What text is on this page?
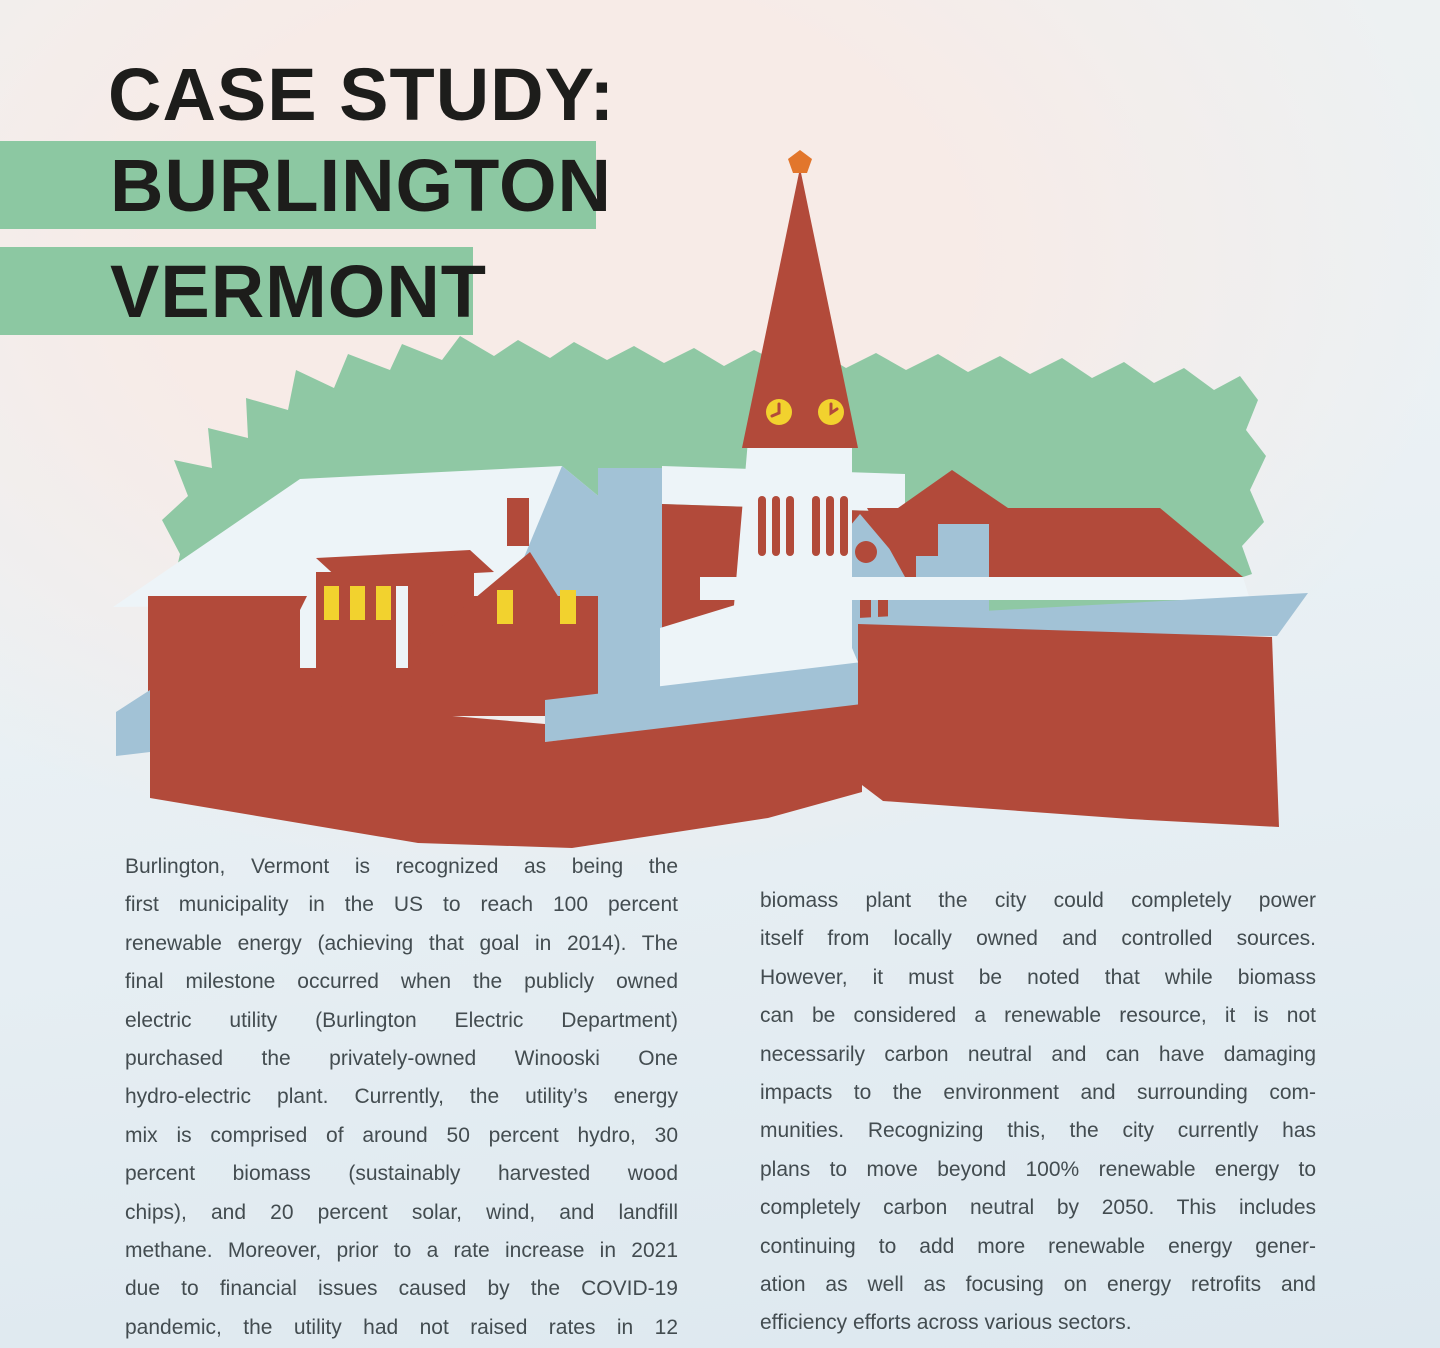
CASE STUDY:
BURLINGTON
VERMONT
Burlington, Vermont is recognized as being the
first municipality in the US to reach 100 percent
renewable energy (achieving that goal in 2014). The
final milestone occurred when the publicly owned
electric utility (Burlington Electric Department)
purchased the privately-owned Winooski One
hydro-electric plant. Currently, the utility’s energy
mix is comprised of around 50 percent hydro, 30
percent biomass (sustainably harvested wood
chips), and 20 percent solar, wind, and landfill
methane. Moreover, prior to a rate increase in 2021
due to financial issues caused by the COVID-19
pandemic, the utility had not raised rates in 12
biomass plant the city could completely power
itself from locally owned and controlled sources.
However, it must be noted that while biomass
can be considered a renewable resource, it is not
necessarily carbon neutral and can have damaging
impacts to the environment and surrounding com-
munities. Recognizing this, the city currently has
plans to move beyond 100% renewable energy to
completely carbon neutral by 2050. This includes
continuing to add more renewable energy gener-
ation as well as focusing on energy retrofits and
efficiency efforts across various sectors.
